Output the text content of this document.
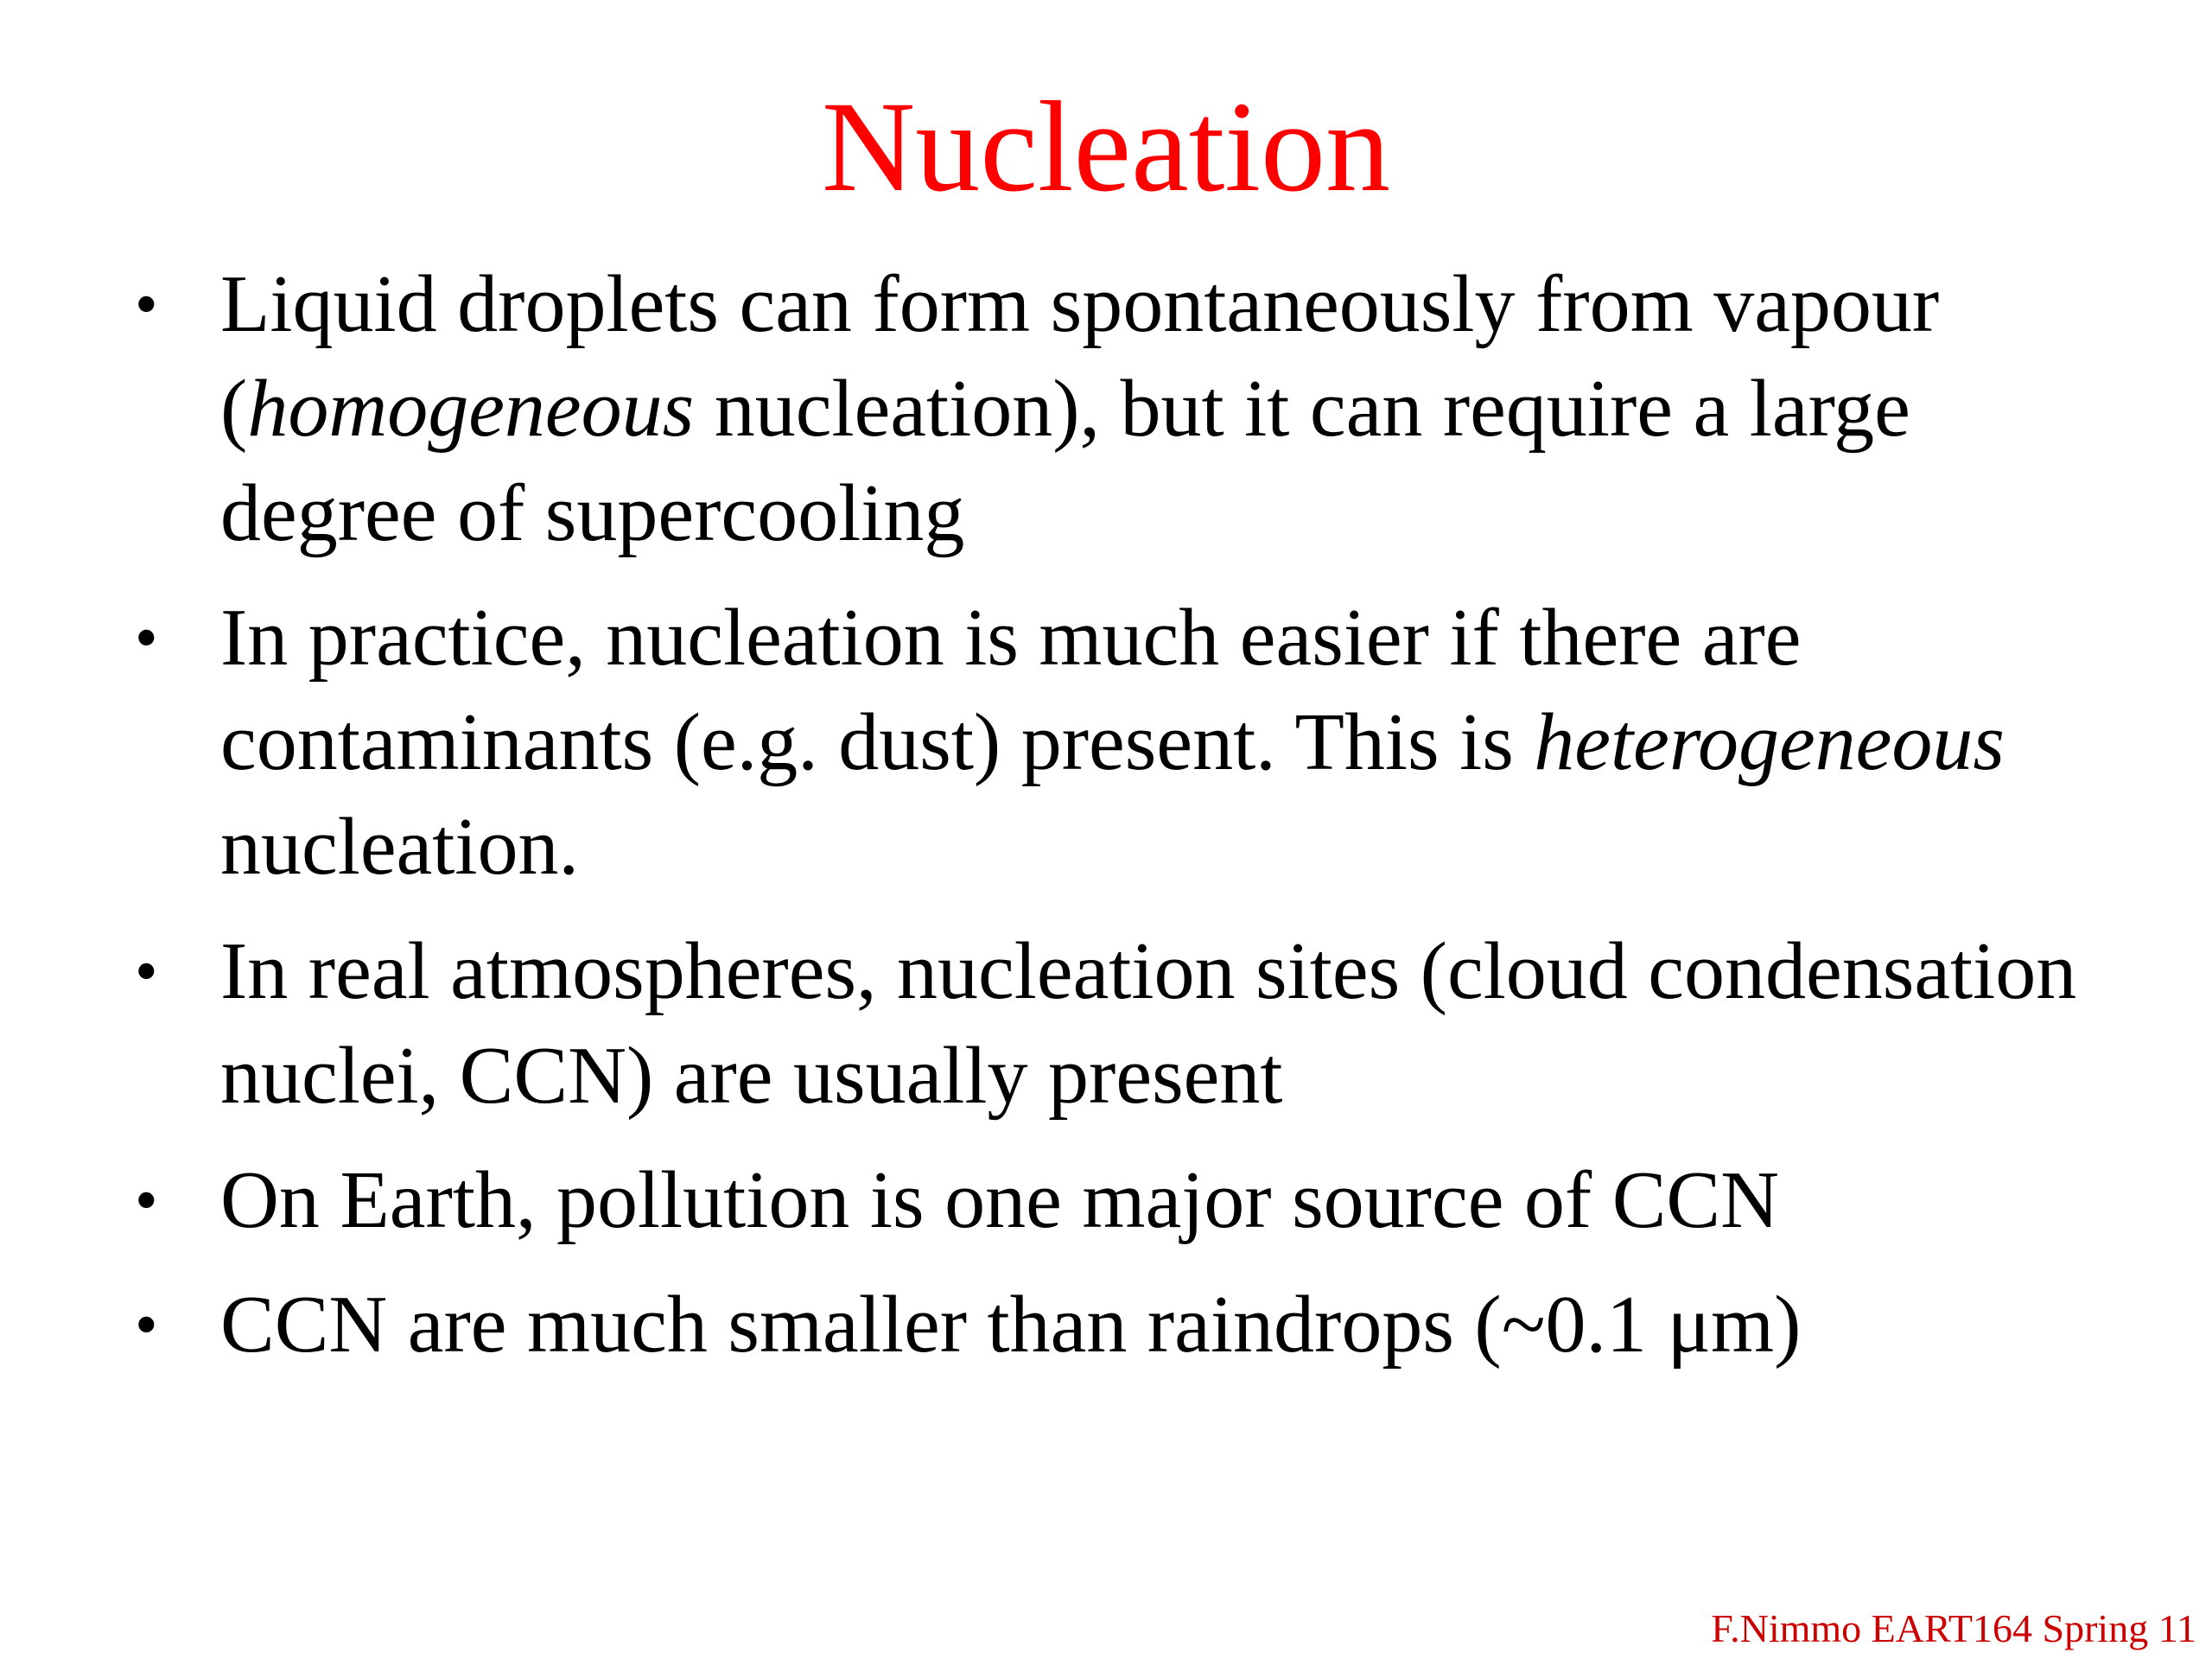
Nucleation
• Liquid droplets can form spontaneously from vapour (homogeneous nucleation), but it can require a large degree of supercooling
• In practice, nucleation is much easier if there are contaminants (e.g. dust) present. This is heterogeneous nucleation.
• In real atmospheres, nucleation sites (cloud condensation nuclei, CCN) are usually present
• On Earth, pollution is one major source of CCN
• CCN are much smaller than raindrops (~0.1 μm)
F.Nimmo EART164 Spring 11
